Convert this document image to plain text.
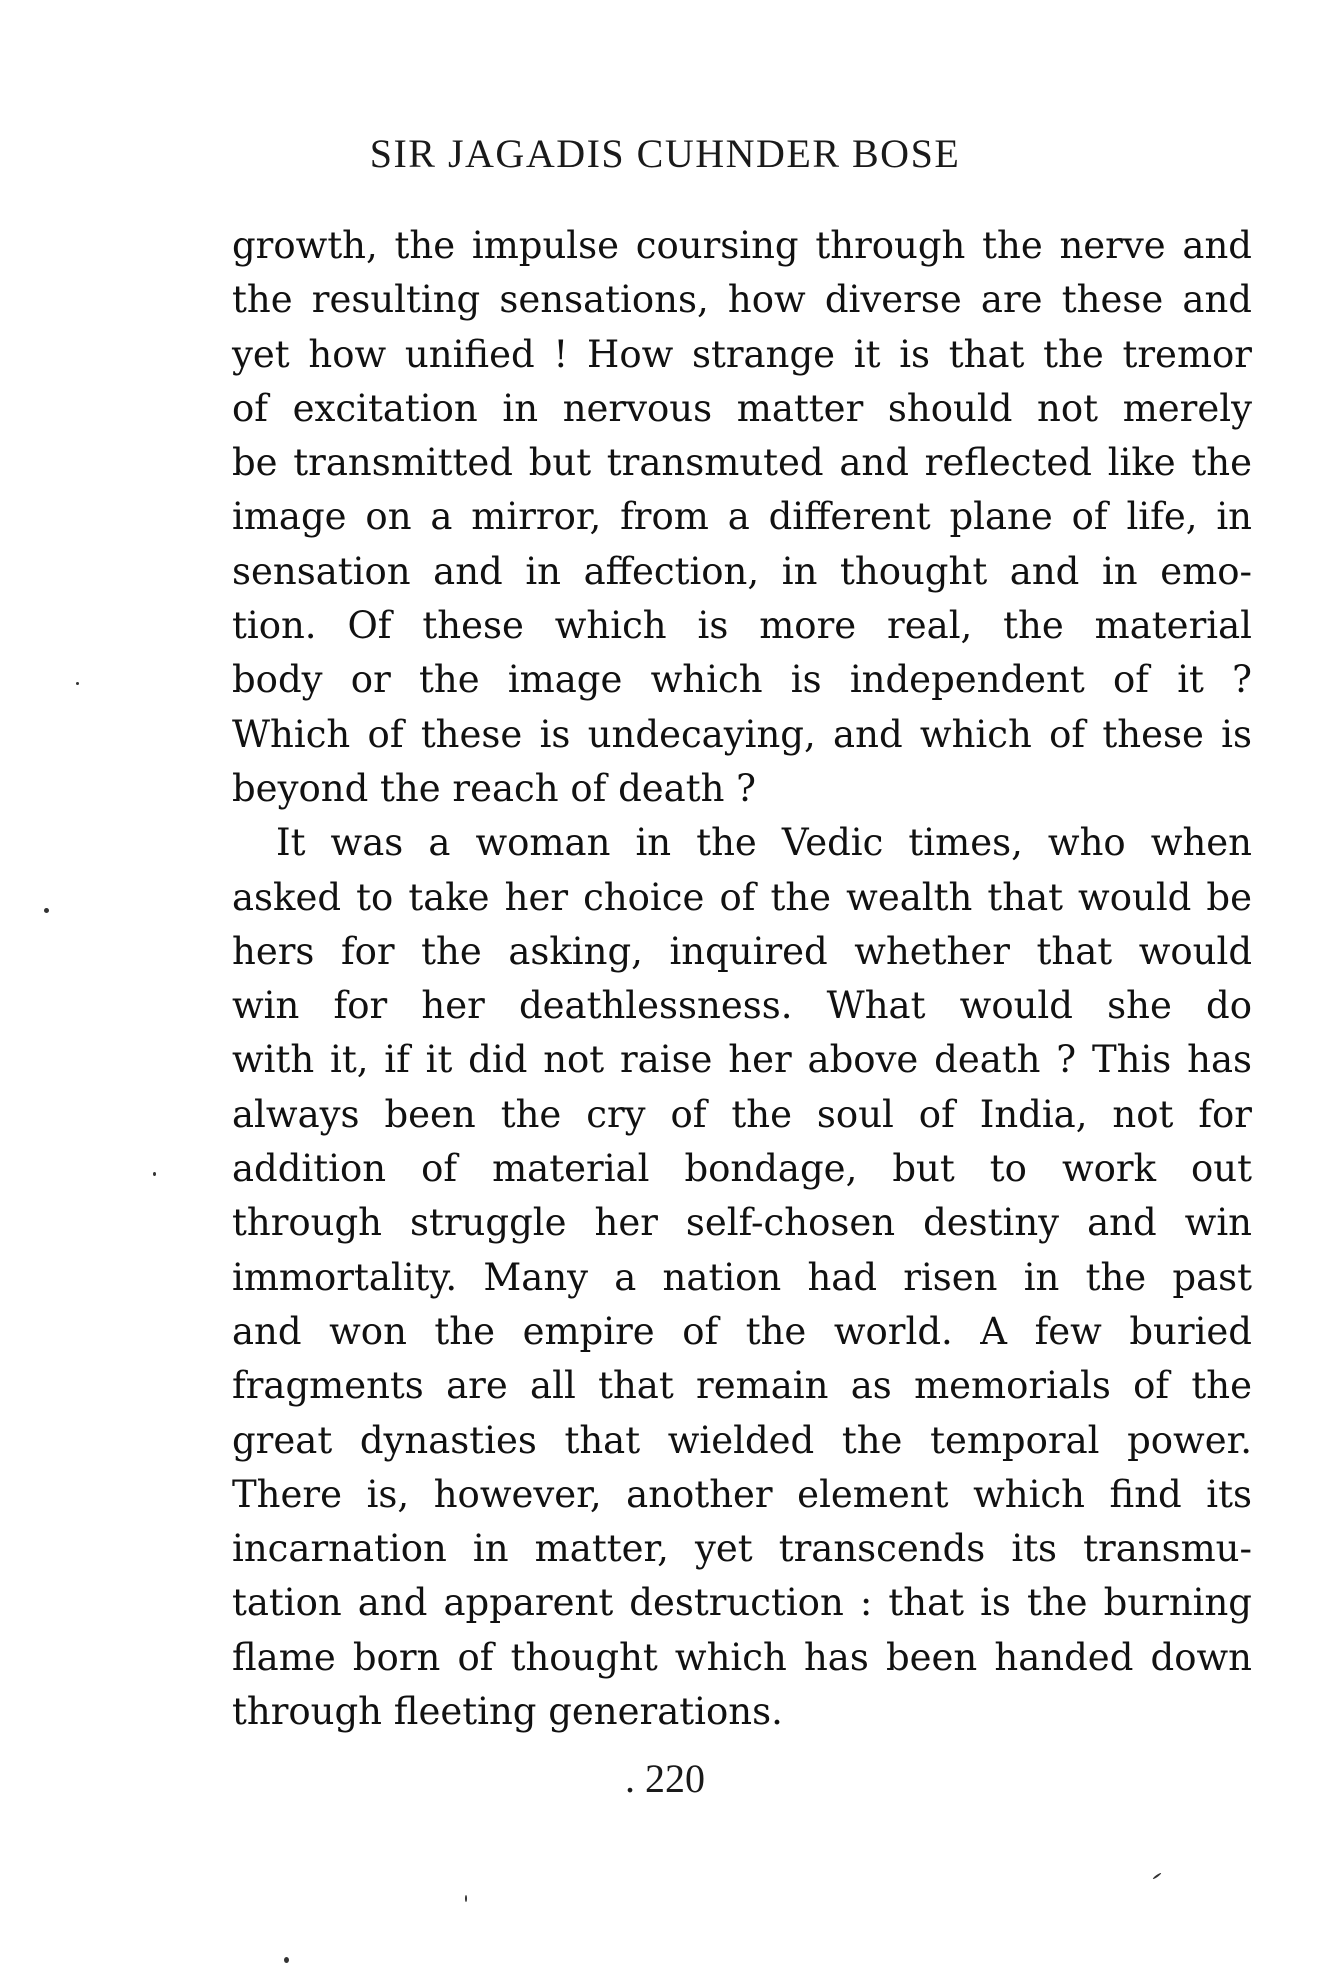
SIR JAGADIS CUHNDER BOSE
growth, the impulse coursing through the nerve and
the resulting sensations, how diverse are these and
yet how unified ! How strange it is that the tremor
of excitation in nervous matter should not merely
be transmitted but transmuted and reflected like the
image on a mirror, from a different plane of life, in
sensation and in affection, in thought and in emo-
tion. Of these which is more real, the material
body or the image which is independent of it ?
Which of these is undecaying, and which of these is
beyond the reach of death ?
It was a woman in the Vedic times, who when
asked to take her choice of the wealth that would be
hers for the asking, inquired whether that would
win for her deathlessness. What would she do
with it, if it did not raise her above death ? This has
always been the cry of the soul of India, not for
addition of material bondage, but to work out
through struggle her self-chosen destiny and win
immortality. Many a nation had risen in the past
and won the empire of the world. A few buried
fragments are all that remain as memorials of the
great dynasties that wielded the temporal power.
There is, however, another element which find its
incarnation in matter, yet transcends its transmu-
tation and apparent destruction : that is the burning
flame born of thought which has been handed down
through fleeting generations.
. 220
